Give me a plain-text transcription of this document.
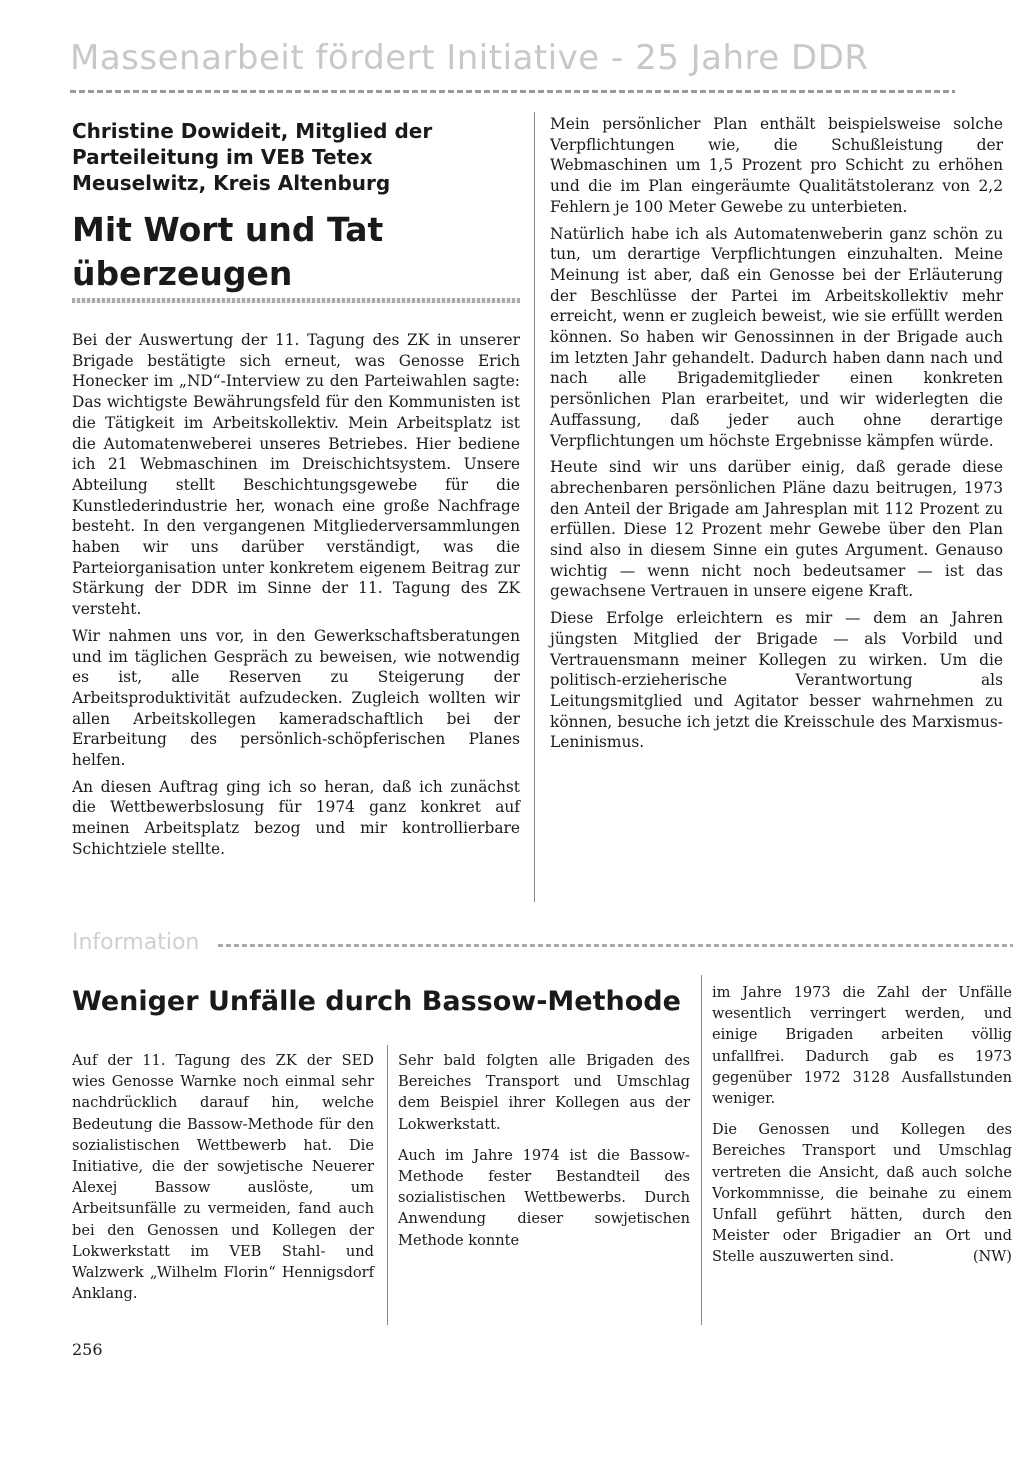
Massenarbeit fördert Initiative - 25 Jahre DDR
Christine Dowideit, Mitglied der Parteileitung im VEB Tetex Meuselwitz, Kreis Altenburg
Mit Wort und Tat
überzeugen

Bei der Auswertung der 11. Tagung des ZK in unserer Brigade bestätigte sich erneut, was Genosse Erich Honecker im „ND“-Interview zu den Parteiwahlen sagte: Das wichtigste Bewährungsfeld für den Kommunisten ist die Tätigkeit im Arbeitskollektiv. Mein Arbeitsplatz ist die Automatenweberei unseres Betriebes. Hier bediene ich 21 Webmaschinen im Dreischichtsystem. Unsere Abteilung stellt Beschichtungsgewebe für die Kunstlederindustrie her, wonach eine große Nachfrage besteht. In den vergangenen Mitgliederversammlungen haben wir uns darüber verständigt, was die Parteiorganisation unter konkretem eigenem Beitrag zur Stärkung der DDR im Sinne der 11. Tagung des ZK versteht.

Wir nahmen uns vor, in den Gewerkschaftsberatungen und im täglichen Gespräch zu beweisen, wie notwendig es ist, alle Reserven zu Steigerung der Arbeitsproduktivität aufzudecken. Zugleich wollten wir allen Arbeitskollegen kameradschaftlich bei der Erarbeitung des persönlich-schöpferischen Planes helfen.

An diesen Auftrag ging ich so heran, daß ich zunächst die Wettbewerbslosung für 1974 ganz konkret auf meinen Arbeitsplatz bezog und mir kontrollierbare Schichtziele stellte.

Mein persönlicher Plan enthält beispielsweise solche Verpflichtungen wie, die Schußleistung der Webmaschinen um 1,5 Prozent pro Schicht zu erhöhen und die im Plan eingeräumte Qualitätstoleranz von 2,2 Fehlern je 100 Meter Gewebe zu unterbieten.

Natürlich habe ich als Automatenweberin ganz schön zu tun, um derartige Verpflichtungen einzuhalten. Meine Meinung ist aber, daß ein Genosse bei der Erläuterung der Beschlüsse der Partei im Arbeitskollektiv mehr erreicht, wenn er zugleich beweist, wie sie erfüllt werden können. So haben wir Genossinnen in der Brigade auch im letzten Jahr gehandelt. Dadurch haben dann nach und nach alle Brigademitglieder einen konkreten persönlichen Plan erarbeitet, und wir widerlegten die Auffassung, daß jeder auch ohne derartige Verpflichtungen um höchste Ergebnisse kämpfen würde.

Heute sind wir uns darüber einig, daß gerade diese abrechenbaren persönlichen Pläne dazu beitrugen, 1973 den Anteil der Brigade am Jahresplan mit 112 Prozent zu erfüllen. Diese 12 Prozent mehr Gewebe über den Plan sind also in diesem Sinne ein gutes Argument. Genauso wichtig — wenn nicht noch bedeutsamer — ist das gewachsene Vertrauen in unsere eigene Kraft.

Diese Erfolge erleichtern es mir — dem an Jahren jüngsten Mitglied der Brigade — als Vorbild und Vertrauensmann meiner Kollegen zu wirken. Um die politisch-erzieherische Verantwortung als Leitungsmitglied und Agitator besser wahrnehmen zu können, besuche ich jetzt die Kreisschule des Marxismus-Leninismus.

Information
Weniger Unfälle durch Bassow-Methode

Auf der 11. Tagung des ZK der SED wies Genosse Warnke noch einmal sehr nachdrücklich darauf hin, welche Bedeutung die Bassow-Methode für den sozialistischen Wettbewerb hat. Die Initiative, die der sowjetische Neuerer Alexej Bassow auslöste, um Arbeitsunfälle zu vermeiden, fand auch bei den Genossen und Kollegen der Lokwerkstatt im VEB Stahl- und Walzwerk „Wilhelm Florin“ Hennigsdorf Anklang.

Sehr bald folgten alle Brigaden des Bereiches Transport und Umschlag dem Beispiel ihrer Kollegen aus der Lokwerkstatt.

Auch im Jahre 1974 ist die Bassow-Methode fester Bestandteil des sozialistischen Wettbewerbs. Durch Anwendung dieser sowjetischen Methode konnte

im Jahre 1973 die Zahl der Unfälle wesentlich verringert werden, und einige Brigaden arbeiten völlig unfallfrei. Dadurch gab es 1973 gegenüber 1972 3128 Ausfallstunden weniger.

Die Genossen und Kollegen des Bereiches Transport und Umschlag vertreten die Ansicht, daß auch solche Vorkommnisse, die beinahe zu einem Unfall geführt hätten, durch den Meister oder Brigadier an Ort und Stelle auszuwerten sind.	(NW)

256
